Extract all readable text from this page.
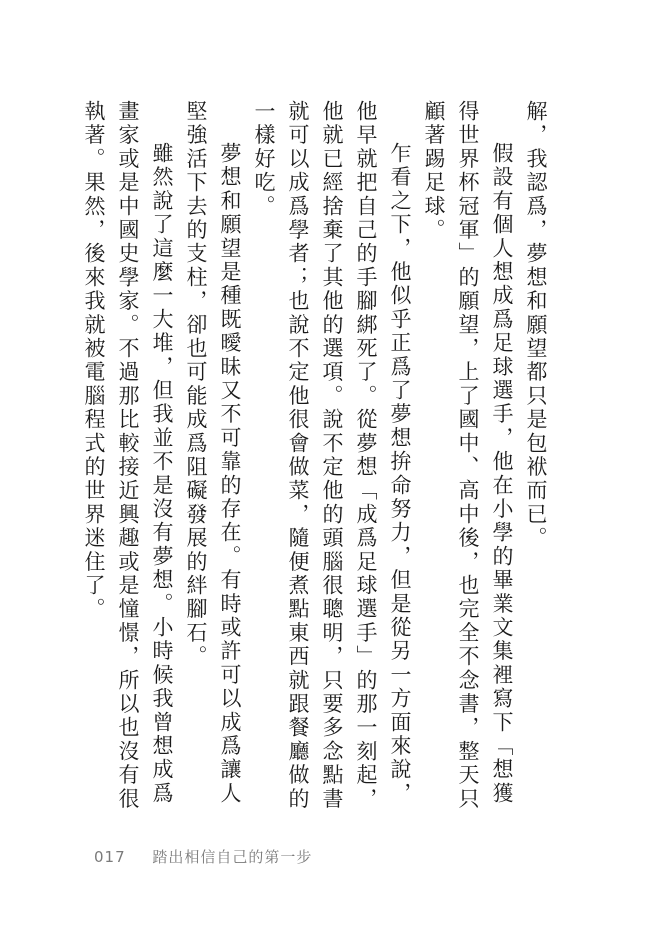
解，我認爲，夢想和願望都只是包袱而已。

假設有個人想成爲足球選手，他在小學的畢業文集裡寫下「想獲得世界杯冠軍」的願望，上了國中、高中後，也完全不念書，整天只顧著踢足球。

乍看之下，他似乎正爲了夢想拚命努力，但是從另一方面來說，他早就把自己的手腳綁死了。從夢想「成爲足球選手」的那一刻起，他就已經捨棄了其他的選項。說不定他的頭腦很聰明，只要多念點書就可以成爲學者；也說不定他很會做菜，隨便煮點東西就跟餐廳做的一樣好吃。

夢想和願望是種既曖昧又不可靠的存在。有時或許可以成爲讓人堅強活下去的支柱，卻也可能成爲阻礙發展的絆腳石。

雖然說了這麼一大堆，但我並不是沒有夢想。小時候我曾想成爲畫家或是中國史學家。不過那比較接近興趣或是憧憬，所以也沒有很執著。果然，後來我就被電腦程式的世界迷住了。

017 踏出相信自己的第一步
